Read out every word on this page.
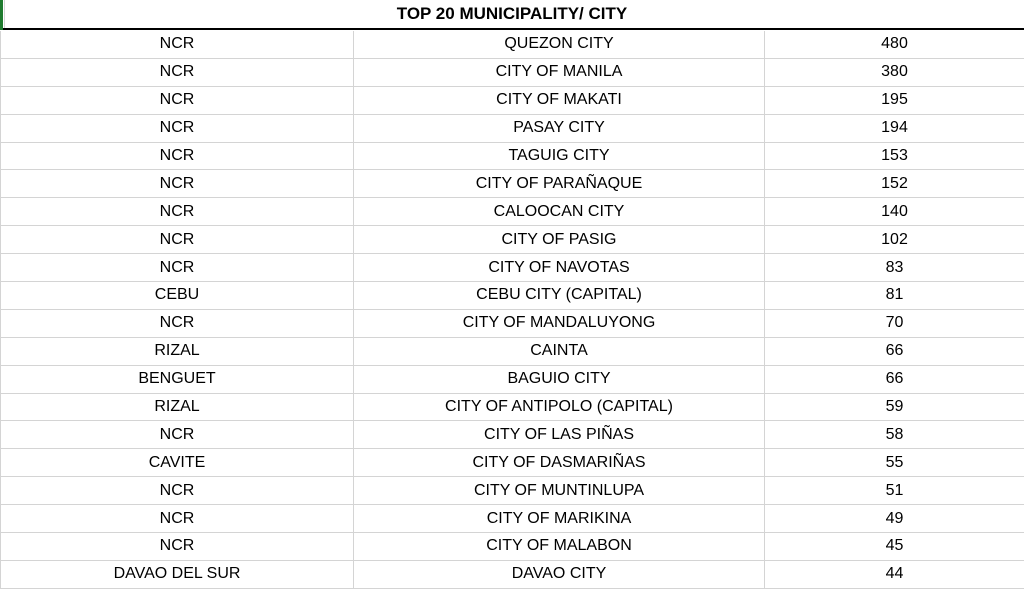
TOP 20 MUNICIPALITY/ CITY
NCR	QUEZON CITY	480
NCR	CITY OF MANILA	380
NCR	CITY OF MAKATI	195
NCR	PASAY CITY	194
NCR	TAGUIG CITY	153
NCR	CITY OF PARAÑAQUE	152
NCR	CALOOCAN CITY	140
NCR	CITY OF PASIG	102
NCR	CITY OF NAVOTAS	83
CEBU	CEBU CITY (CAPITAL)	81
NCR	CITY OF MANDALUYONG	70
RIZAL	CAINTA	66
BENGUET	BAGUIO CITY	66
RIZAL	CITY OF ANTIPOLO (CAPITAL)	59
NCR	CITY OF LAS PIÑAS	58
CAVITE	CITY OF DASMARIÑAS	55
NCR	CITY OF MUNTINLUPA	51
NCR	CITY OF MARIKINA	49
NCR	CITY OF MALABON	45
DAVAO DEL SUR	DAVAO CITY	44
